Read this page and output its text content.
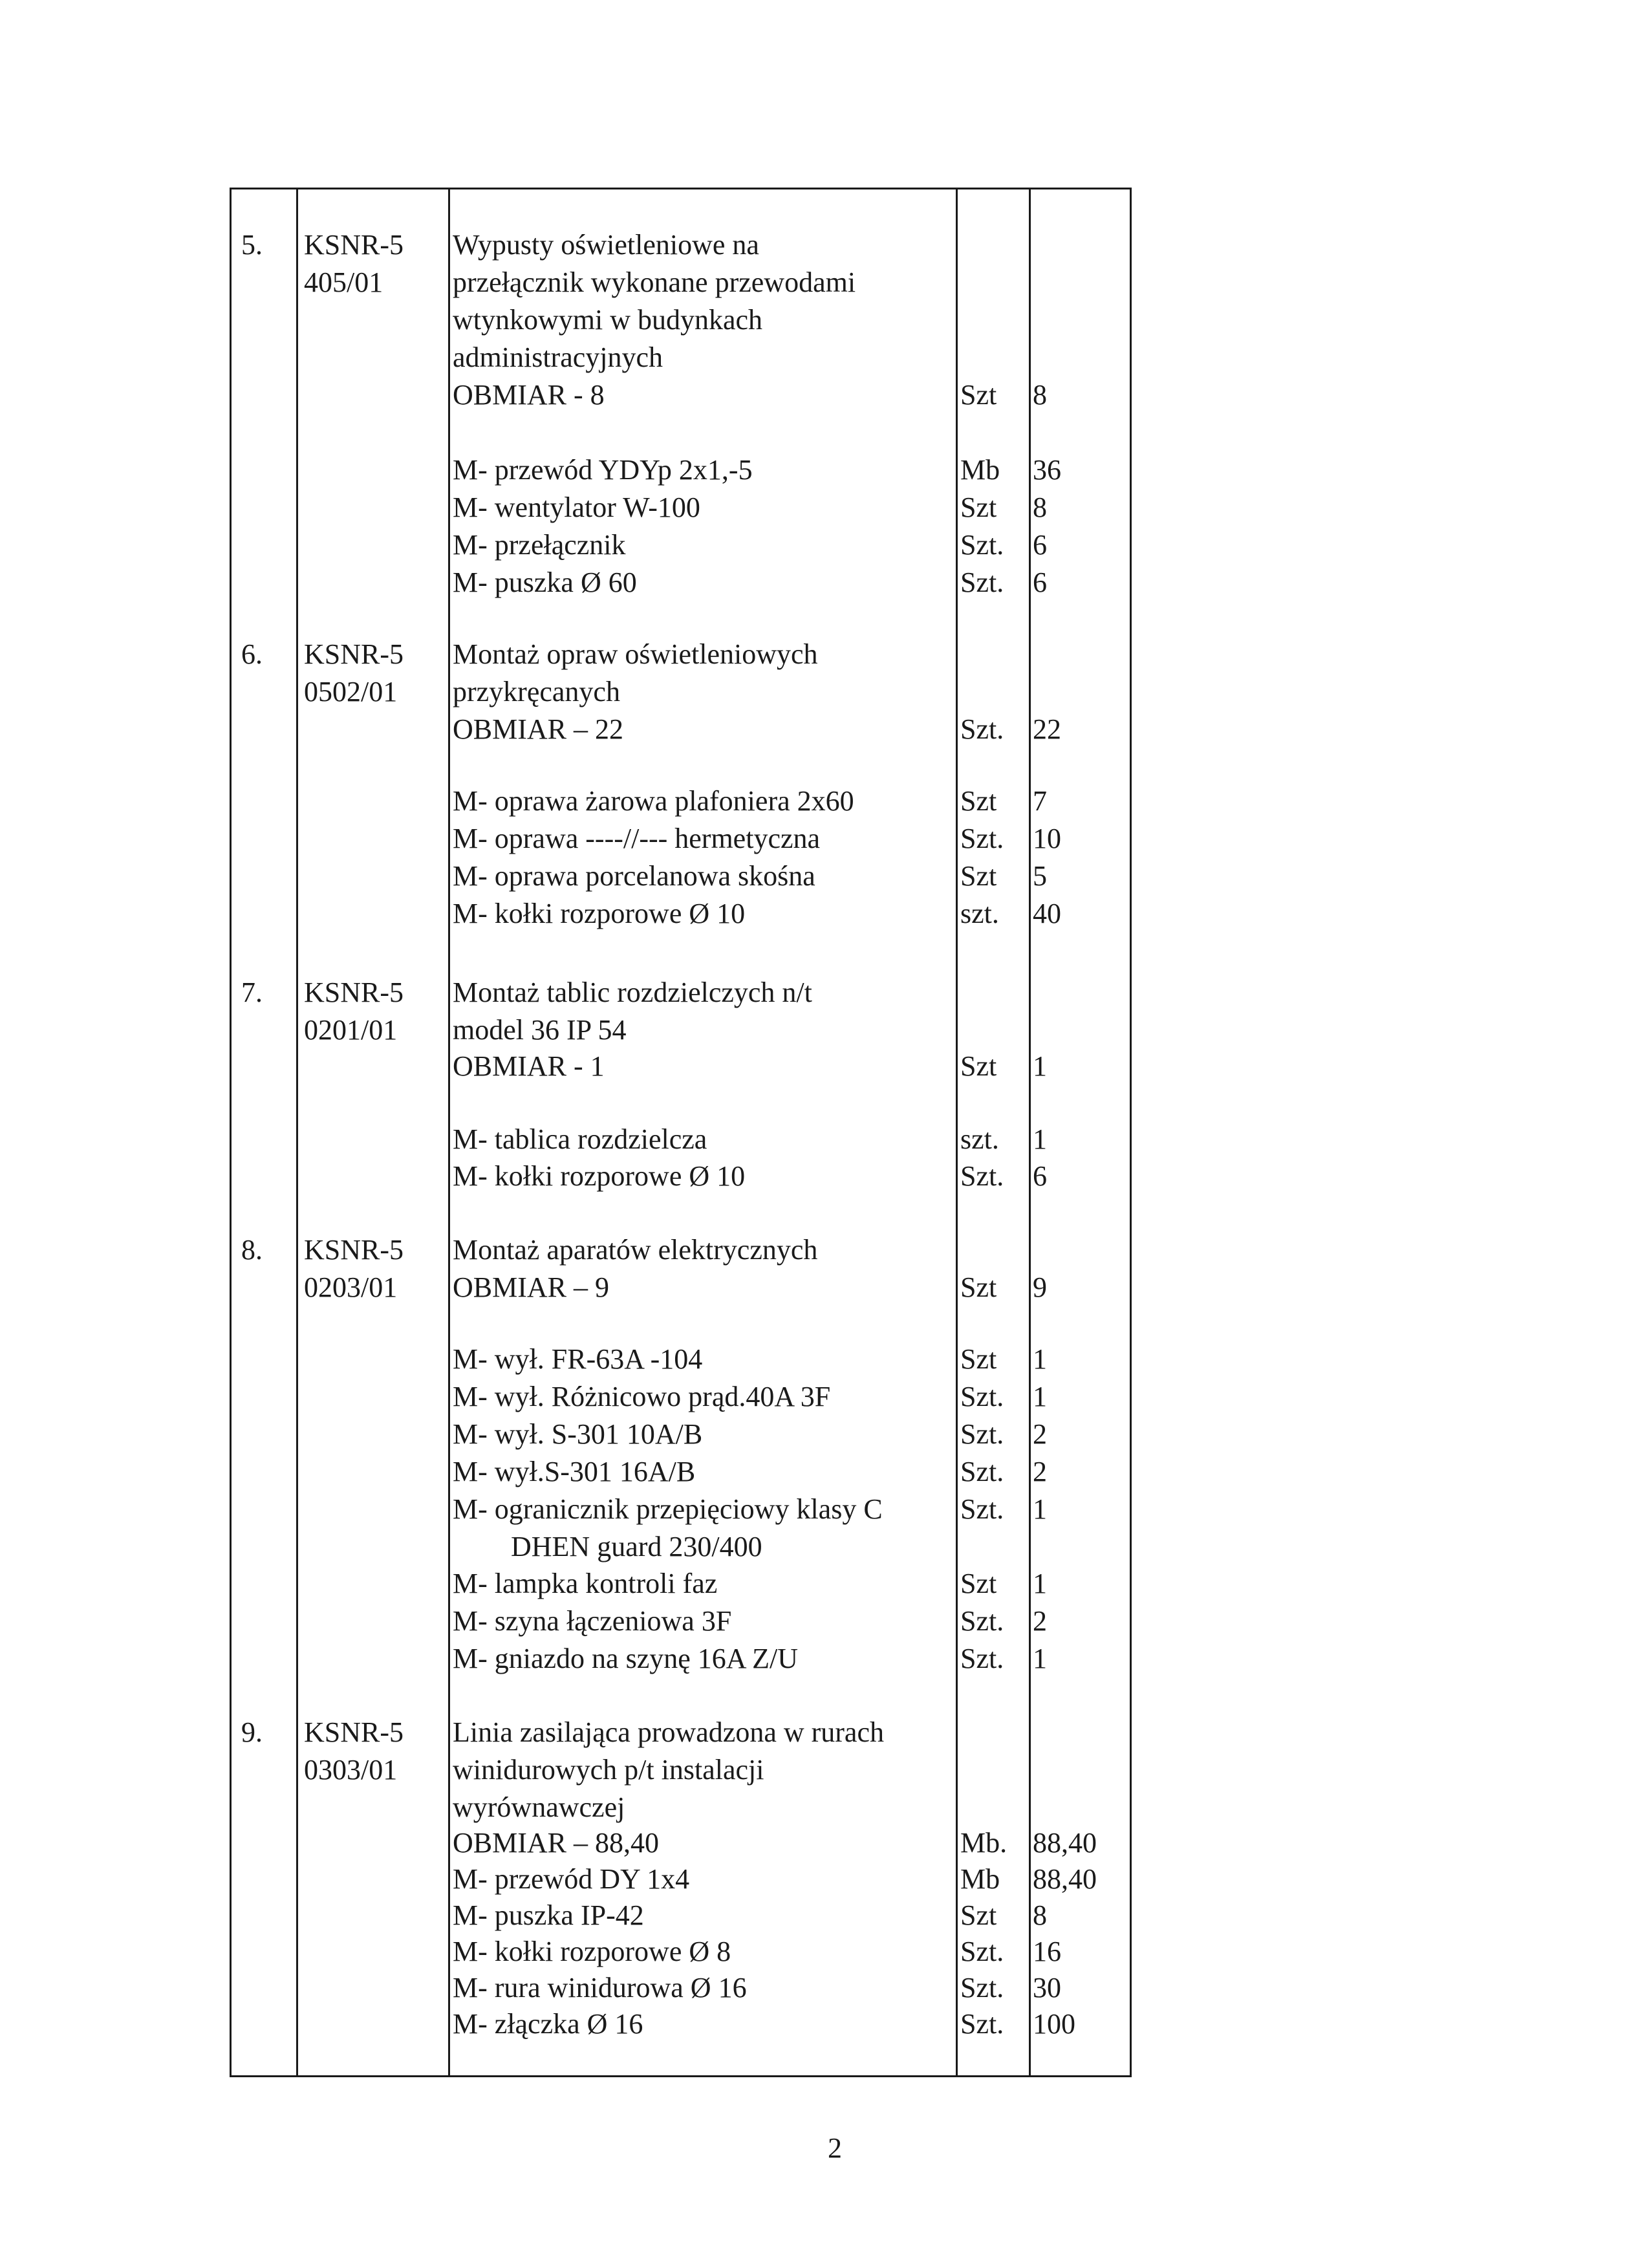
5. KSNR-5
405/01
Wypusty oświetleniowe na
przełącznik wykonane przewodami
wtynkowymi w budynkach
administracyjnych
OBMIAR - 8	Szt 8
M- przewód YDYp 2x1,-5	Mb 36
M- wentylator W-100	Szt 8
M- przełącznik	Szt. 6
M- puszka Ø 60	Szt. 6
6. KSNR-5
0502/01
Montaż opraw oświetleniowych
przykręcanych
OBMIAR – 22	Szt. 22
M- oprawa żarowa plafoniera 2x60	Szt 7
M- oprawa ----//--- hermetyczna	Szt. 10
M- oprawa porcelanowa skośna	Szt 5
M- kołki rozporowe Ø 10	szt. 40
7. KSNR-5
0201/01
Montaż tablic rozdzielczych n/t
model 36 IP 54
OBMIAR - 1	Szt 1
M- tablica rozdzielcza	szt. 1
M- kołki rozporowe Ø 10	Szt. 6
8. KSNR-5
0203/01
Montaż aparatów elektrycznych
OBMIAR – 9	Szt 9
M- wył. FR-63A -104	Szt 1
M- wył. Różnicowo prąd.40A 3F	Szt. 1
M- wył. S-301 10A/B	Szt. 2
M- wył.S-301 16A/B	Szt. 2
M- ogranicznik przepięciowy klasy C	Szt. 1
DHEN guard 230/400
M- lampka kontroli faz	Szt 1
M- szyna łączeniowa 3F	Szt. 2
M- gniazdo na szynę 16A Z/U	Szt. 1
9. KSNR-5
0303/01
Linia zasilająca prowadzona w rurach
winidurowych p/t instalacji
wyrównawczej
OBMIAR – 88,40	Mb. 88,40
M- przewód DY 1x4	Mb 88,40
M- puszka IP-42	Szt 8
M- kołki rozporowe Ø 8	Szt. 16
M- rura winidurowa Ø 16	Szt. 30
M- złączka Ø 16	Szt. 100
2
